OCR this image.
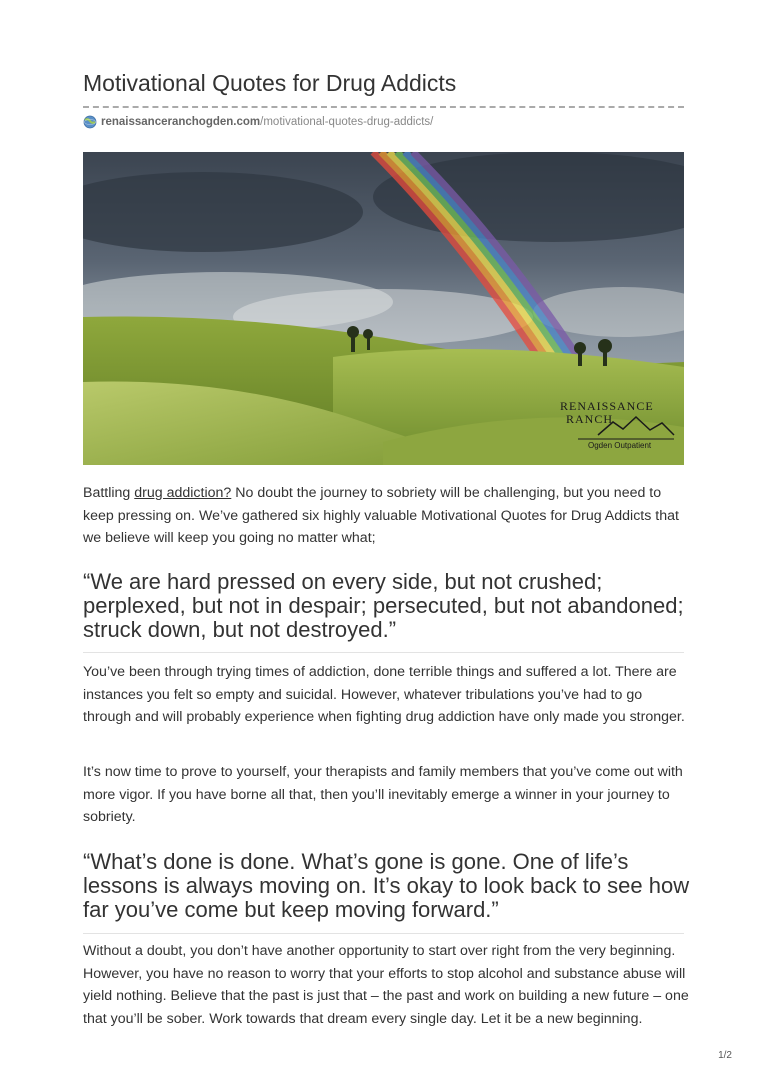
Motivational Quotes for Drug Addicts
renaissanceranchogden.com /motivational-quotes-drug-addicts/
RENAISSANCE
RANCH
Ogden Outpatient

Battling drug addiction? No doubt the journey to sobriety will be challenging, but you need to keep pressing on. We’ve gathered six highly valuable Motivational Quotes for Drug Addicts that we believe will keep you going no matter what;

“We are hard pressed on every side, but not crushed; perplexed, but not in despair; persecuted, but not abandoned; struck down, but not destroyed.”

You’ve been through trying times of addiction, done terrible things and suffered a lot. There are instances you felt so empty and suicidal. However, whatever tribulations you’ve had to go through and will probably experience when fighting drug addiction have only made you stronger.

It’s now time to prove to yourself, your therapists and family members that you’ve come out with more vigor. If you have borne all that, then you’ll inevitably emerge a winner in your journey to sobriety.

“What’s done is done. What’s gone is gone. One of life’s lessons is always moving on. It’s okay to look back to see how far you’ve come but keep moving forward.”

Without a doubt, you don’t have another opportunity to start over right from the very beginning. However, you have no reason to worry that your efforts to stop alcohol and substance abuse will yield nothing. Believe that the past is just that – the past and work on building a new future – one that you’ll be sober. Work towards that dream every single day. Let it be a new beginning.

1/2
